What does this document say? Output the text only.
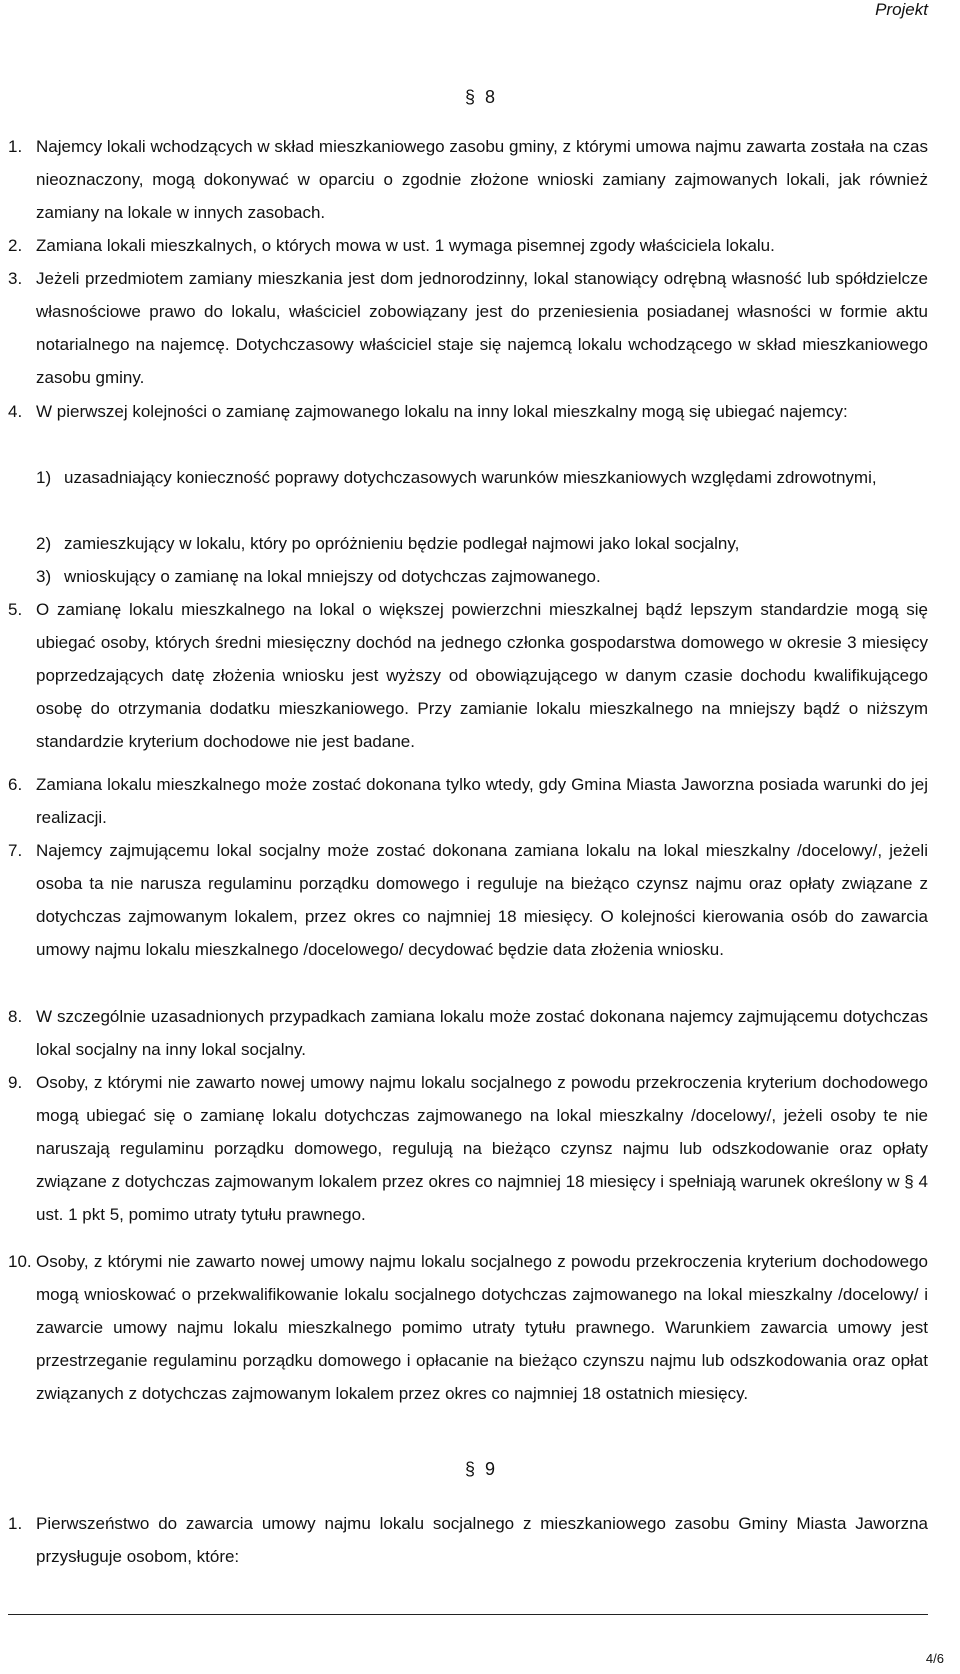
Projekt
§ 8
1. Najemcy lokali wchodzących w skład mieszkaniowego zasobu gminy, z którymi umowa najmu zawarta została na czas nieoznaczony, mogą dokonywać w oparciu o zgodnie złożone wnioski zamiany zajmowanych lokali, jak również zamiany na lokale w innych zasobach.
2. Zamiana lokali mieszkalnych, o których mowa w ust. 1 wymaga pisemnej zgody właściciela lokalu.
3. Jeżeli przedmiotem zamiany mieszkania jest dom jednorodzinny, lokal stanowiący odrębną własność lub spółdzielcze własnościowe prawo do lokalu, właściciel zobowiązany jest do przeniesienia posiadanej własności w formie aktu notarialnego na najemcę. Dotychczasowy właściciel staje się najemcą lokalu wchodzącego w skład mieszkaniowego zasobu gminy.
4. W pierwszej kolejności o zamianę zajmowanego lokalu na inny lokal mieszkalny mogą się ubiegać najemcy:
1) uzasadniający konieczność poprawy dotychczasowych warunków mieszkaniowych względami zdrowotnymi,
2) zamieszkujący w lokalu, który po opróżnieniu będzie podlegał najmowi jako lokal socjalny,
3) wnioskujący o zamianę na lokal mniejszy od dotychczas zajmowanego.
5. O zamianę lokalu mieszkalnego na lokal o większej powierzchni mieszkalnej bądź lepszym standardzie mogą się ubiegać osoby, których średni miesięczny dochód na jednego członka gospodarstwa domowego w okresie 3 miesięcy poprzedzających datę złożenia wniosku jest wyższy od obowiązującego w danym czasie dochodu kwalifikującego osobę do otrzymania dodatku mieszkaniowego. Przy zamianie lokalu mieszkalnego na mniejszy bądź o niższym standardzie kryterium dochodowe nie jest badane.
6. Zamiana lokalu mieszkalnego może zostać dokonana tylko wtedy, gdy Gmina Miasta Jaworzna posiada warunki do jej realizacji.
7. Najemcy zajmującemu lokal socjalny może zostać dokonana zamiana lokalu na lokal mieszkalny /docelowy/, jeżeli osoba ta nie narusza regulaminu porządku domowego i reguluje na bieżąco czynsz najmu oraz opłaty związane z dotychczas zajmowanym lokalem, przez okres co najmniej 18 miesięcy. O kolejności kierowania osób do zawarcia umowy najmu lokalu mieszkalnego /docelowego/ decydować będzie data złożenia wniosku.
8. W szczególnie uzasadnionych przypadkach zamiana lokalu może zostać dokonana najemcy zajmującemu dotychczas lokal socjalny na inny lokal socjalny.
9. Osoby, z którymi nie zawarto nowej umowy najmu lokalu socjalnego z powodu przekroczenia kryterium dochodowego mogą ubiegać się o zamianę lokalu dotychczas zajmowanego na lokal mieszkalny /docelowy/, jeżeli osoby te nie naruszają regulaminu porządku domowego, regulują na bieżąco czynsz najmu lub odszkodowanie oraz opłaty związane z dotychczas zajmowanym lokalem przez okres co najmniej 18 miesięcy i spełniają warunek określony w § 4 ust. 1 pkt 5, pomimo utraty tytułu prawnego.
10. Osoby, z którymi nie zawarto nowej umowy najmu lokalu socjalnego z powodu przekroczenia kryterium dochodowego mogą wnioskować o przekwalifikowanie lokalu socjalnego dotychczas zajmowanego na lokal mieszkalny /docelowy/ i zawarcie umowy najmu lokalu mieszkalnego pomimo utraty tytułu prawnego. Warunkiem zawarcia umowy jest przestrzeganie regulaminu porządku domowego i opłacanie na bieżąco czynszu najmu lub odszkodowania oraz opłat związanych z dotychczas zajmowanym lokalem przez okres co najmniej 18 ostatnich miesięcy.
§ 9
1. Pierwszeństwo do zawarcia umowy najmu lokalu socjalnego z mieszkaniowego zasobu Gminy Miasta Jaworzna przysługuje osobom, które:
4/6
